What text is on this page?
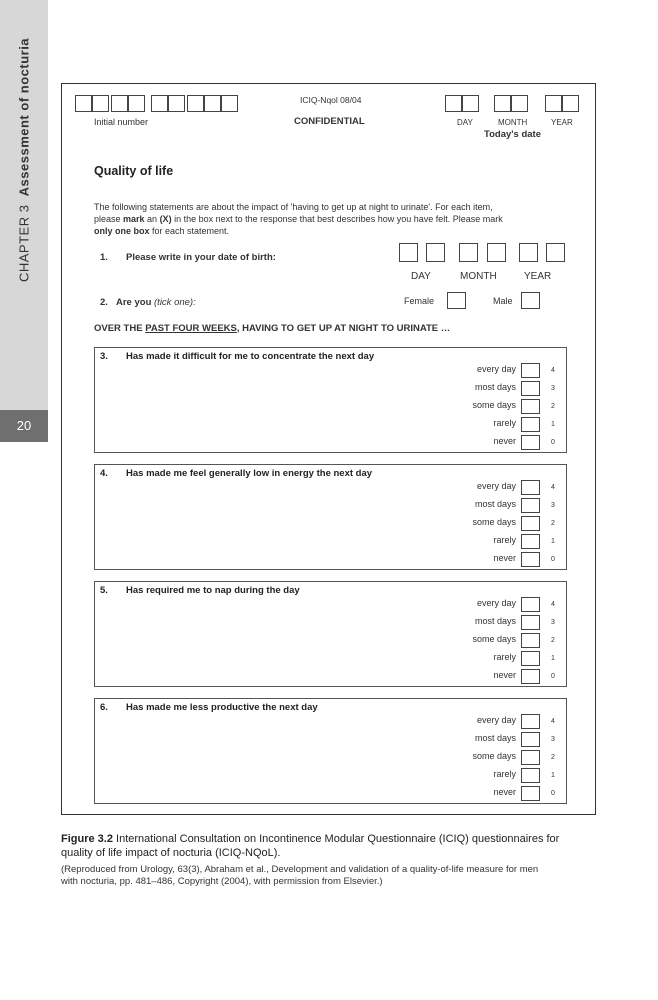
CHAPTER 3  Assessment of nocturia
20
Initial number
ICIQ-Nqol 08/04
CONFIDENTIAL	DAY	MONTH	YEAR
Today's date
Quality of life
The following statements are about the impact of 'having to get up at night to urinate'. For each item,
please mark an (X) in the box next to the response that best describes how you have felt. Please mark
only one box for each statement.
1. Please write in your date of birth:
DAY	MONTH	YEAR
2. Are you (tick one):	Female	Male
OVER THE PAST FOUR WEEKS, HAVING TO GET UP AT NIGHT TO URINATE …
3. Has made it difficult for me to concentrate the next day
every day	4
most days	3
some days	2
rarely	1
never	0
4. Has made me feel generally low in energy the next day
every day	4
most days	3
some days	2
rarely	1
never	0
5. Has required me to nap during the day
every day	4
most days	3
some days	2
rarely	1
never	0
6. Has made me less productive the next day
every day	4
most days	3
some days	2
rarely	1
never	0
Figure 3.2 International Consultation on Incontinence Modular Questionnaire (ICIQ) questionnaires for
quality of life impact of nocturia (ICIQ-NQoL).
(Reproduced from Urology, 63(3), Abraham et al., Development and validation of a quality-of-life measure for men
with nocturia, pp. 481–486, Copyright (2004), with permission from Elsevier.)
